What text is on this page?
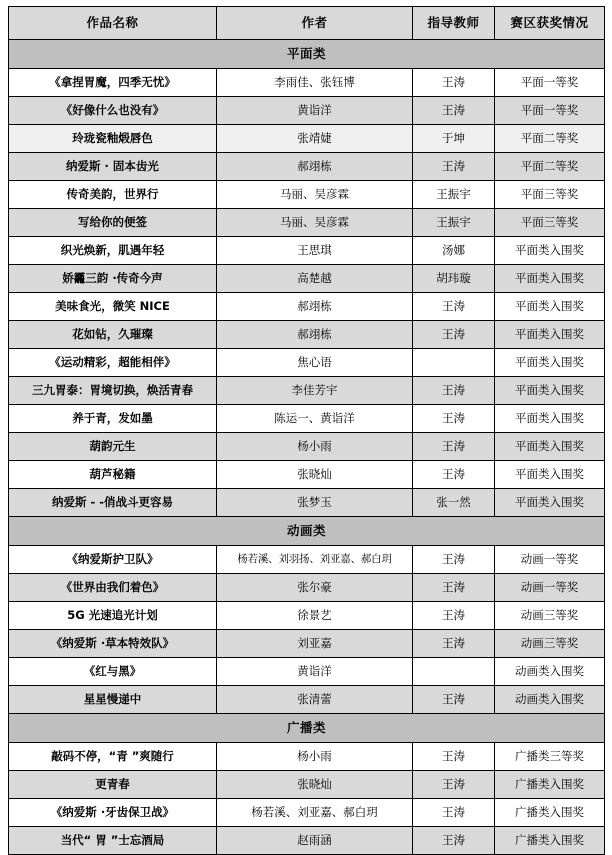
作品名称	作者	指导教师	赛区获奖情况
平面类			
《拿捏胃魔，四季无忧》	李雨佳、张钰博	王涛	平面一等奖
《好像什么也没有》	黄诣洋	王涛	平面一等奖
玲珑瓷釉煅唇色	张靖婕	于坤	平面二等奖
纳爱斯 · 固本齿光	郝翊栋	王涛	平面二等奖
传奇美韵，世界行	马丽、吴彦霖	王振宇	平面三等奖
写给你的便签	马丽、吴彦霖	王振宇	平面三等奖
织光焕新，肌遇年轻	王思琪	汤娜	平面类入围奖
娇龗三韵 ·传奇今声	高楚越	胡玮璇	平面类入围奖
美味食光，微笑 NICE	郝翊栋	王涛	平面类入围奖
花如钻，久璀璨	郝翊栋	王涛	平面类入围奖
《运动精彩，超能相伴》	焦心语		平面类入围奖
三九胃泰：胃境切换，焕活青春	李佳芳宇	王涛	平面类入围奖
养于青，发如墨	陈运一、黄诣洋	王涛	平面类入围奖
葫韵元生	杨小雨	王涛	平面类入围奖
葫芦秘籍	张晓灿	王涛	平面类入围奖
纳爱斯 - -俏战斗更容易	张梦玉	张一然	平面类入围奖
动画类			
《纳爱斯护卫队》	杨若溪、刘羽扬、刘亚嘉、郝白玥	王涛	动画一等奖
《世界由我们着色》	张尔豪	王涛	动画一等奖
5G 光速追光计划	徐景艺	王涛	动画三等奖
《纳爱斯 ·草本特效队》	刘亚嘉	王涛	动画三等奖
《红与黑》	黄诣洋		动画类入围奖
星星慢递中	张清蕾	王涛	动画类入围奖
广播类			
敲码不停，“青 ”爽随行	杨小雨	王涛	广播类三等奖
更青春	张晓灿	王涛	广播类入围奖
《纳爱斯 ·牙齿保卫战》	杨若溪、刘亚嘉、郝白玥	王涛	广播类入围奖
当代“ 胃 ”士忘酒局	赵雨涵	王涛	广播类入围奖
